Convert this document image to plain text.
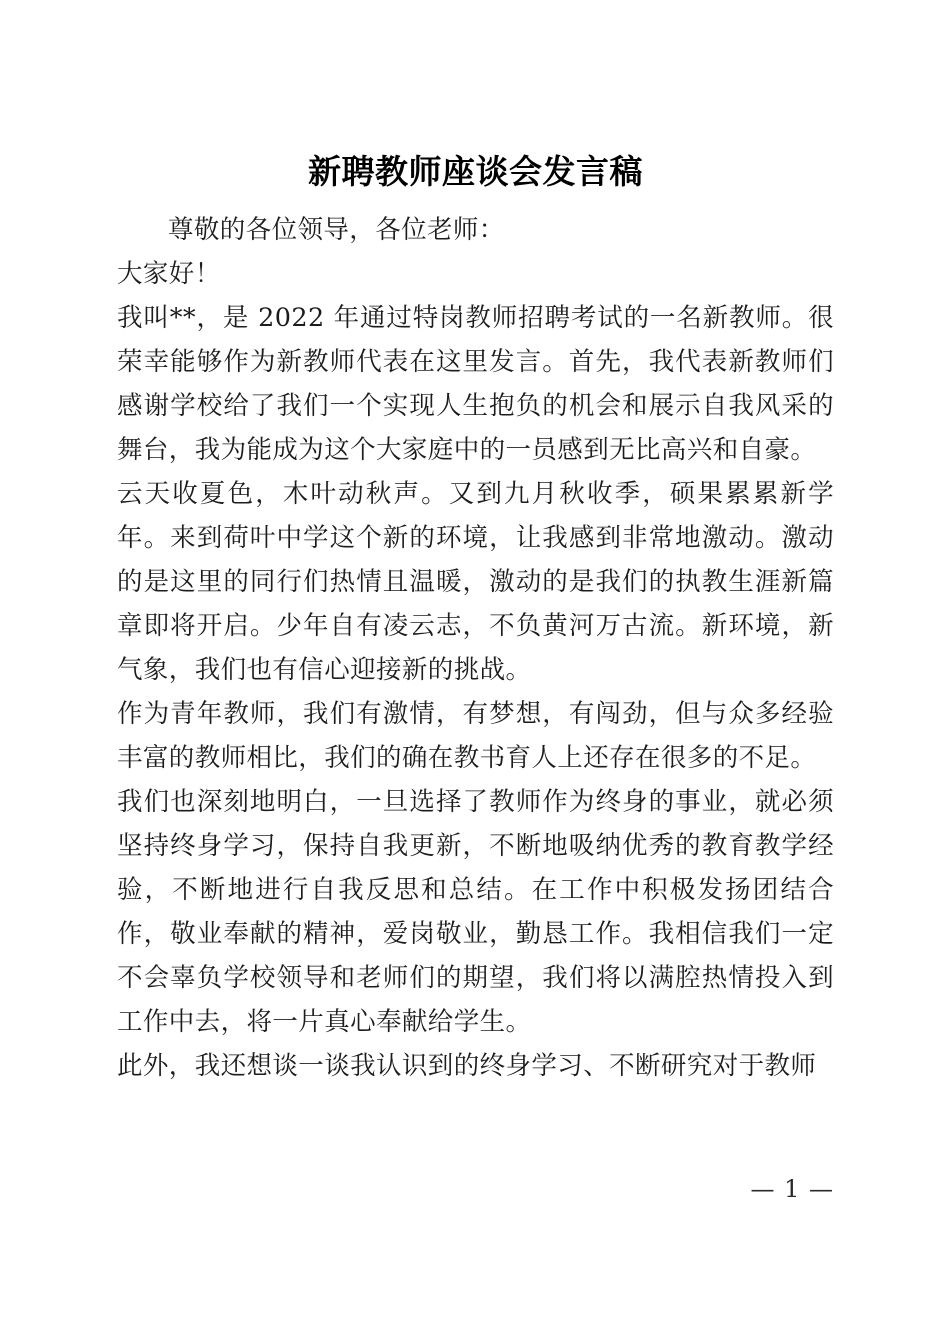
新聘教师座谈会发言稿

尊敬的各位领导，各位老师：

大家好！

我叫**，是 2022 年通过特岗教师招聘考试的一名新教师。很荣幸能够作为新教师代表在这里发言。首先，我代表新教师们感谢学校给了我们一个实现人生抱负的机会和展示自我风采的舞台，我为能成为这个大家庭中的一员感到无比高兴和自豪。

云天收夏色，木叶动秋声。又到九月秋收季，硕果累累新学年。来到荷叶中学这个新的环境，让我感到非常地激动。激动的是这里的同行们热情且温暖，激动的是我们的执教生涯新篇章即将开启。少年自有凌云志，不负黄河万古流。新环境，新气象，我们也有信心迎接新的挑战。

作为青年教师，我们有激情，有梦想，有闯劲，但与众多经验丰富的教师相比，我们的确在教书育人上还存在很多的不足。

我们也深刻地明白，一旦选择了教师作为终身的事业，就必须坚持终身学习，保持自我更新，不断地吸纳优秀的教育教学经验，不断地进行自我反思和总结。在工作中积极发扬团结合作，敬业奉献的精神，爱岗敬业，勤恳工作。我相信我们一定不会辜负学校领导和老师们的期望，我们将以满腔热情投入到工作中去，将一片真心奉献给学生。

此外，我还想谈一谈我认识到的终身学习、不断研究对于教师

— 1 —
